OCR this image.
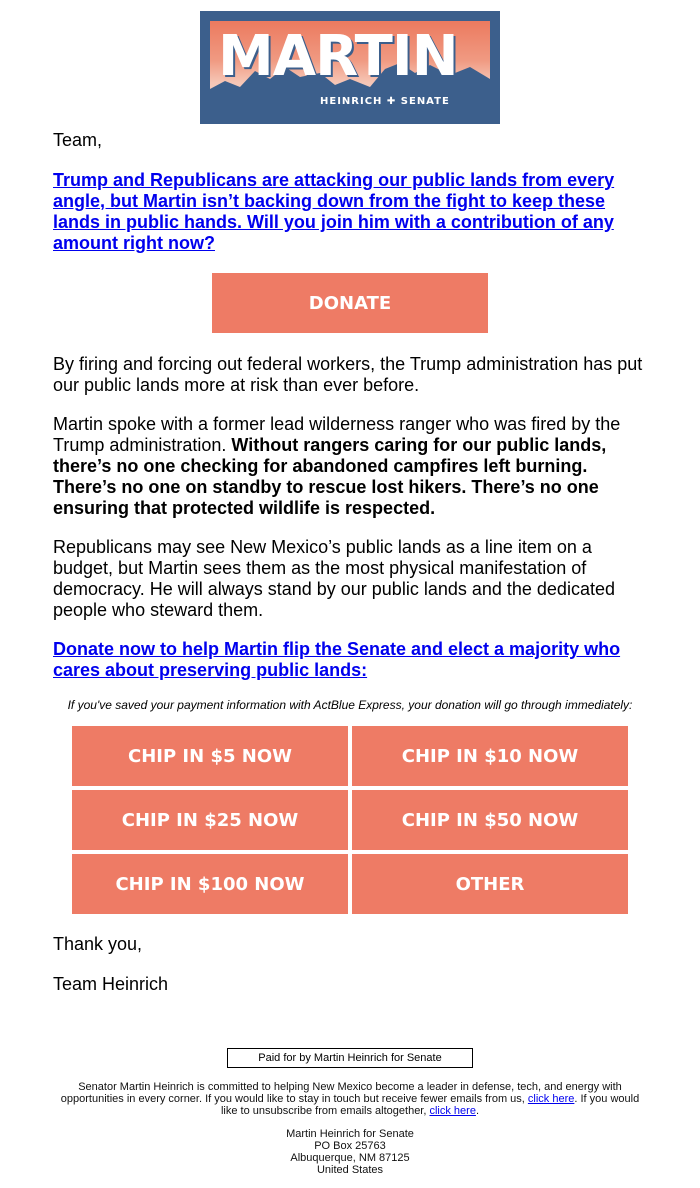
MARTIN
HEINRICH ✚ SENATE
Team,
Trump and Republicans are attacking our public lands from every angle, but Martin isn’t backing down from the fight to keep these lands in public hands. Will you join him with a contribution of any amount right now?
DONATE
By firing and forcing out federal workers, the Trump administration has put our public lands more at risk than ever before.
Martin spoke with a former lead wilderness ranger who was fired by the Trump administration. Without rangers caring for our public lands, there’s no one checking for abandoned campfires left burning. There’s no one on standby to rescue lost hikers. There’s no one ensuring that protected wildlife is respected.
Republicans may see New Mexico’s public lands as a line item on a budget, but Martin sees them as the most physical manifestation of democracy. He will always stand by our public lands and the dedicated people who steward them.
Donate now to help Martin flip the Senate and elect a majority who cares about preserving public lands:
If you've saved your payment information with ActBlue Express, your donation will go through immediately:
CHIP IN $5 NOW	CHIP IN $10 NOW
CHIP IN $25 NOW	CHIP IN $50 NOW
CHIP IN $100 NOW	OTHER
Thank you,
Team Heinrich
Paid for by Martin Heinrich for Senate
Senator Martin Heinrich is committed to helping New Mexico become a leader in defense, tech, and energy with opportunities in every corner. If you would like to stay in touch but receive fewer emails from us, click here. If you would like to unsubscribe from emails altogether, click here.
Martin Heinrich for Senate
PO Box 25763
Albuquerque, NM 87125
United States
